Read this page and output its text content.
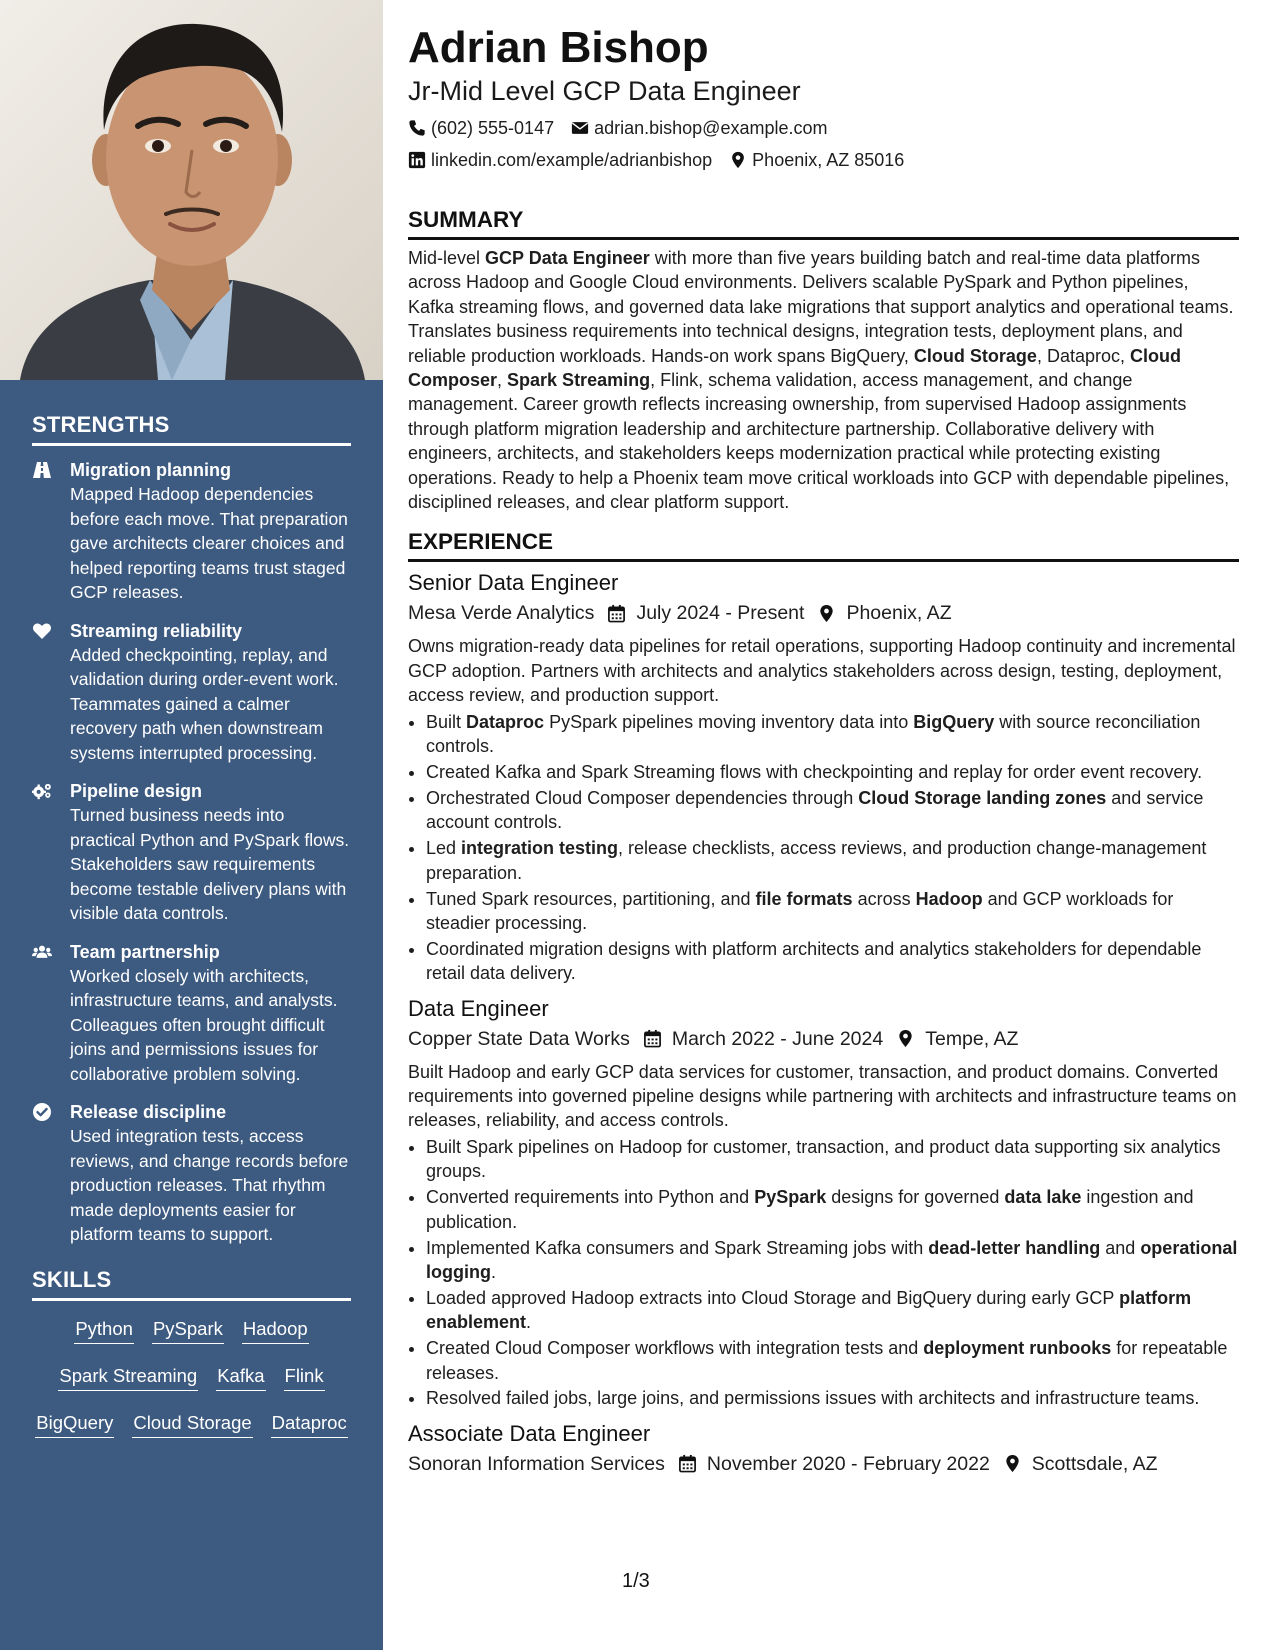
STRENGTHS
Migration planning
Mapped Hadoop dependencies before each move. That preparation gave architects clearer choices and helped reporting teams trust staged GCP releases.
Streaming reliability
Added checkpointing, replay, and validation during order-event work. Teammates gained a calmer recovery path when downstream systems interrupted processing.
Pipeline design
Turned business needs into practical Python and PySpark flows. Stakeholders saw requirements become testable delivery plans with visible data controls.
Team partnership
Worked closely with architects, infrastructure teams, and analysts. Colleagues often brought difficult joins and permissions issues for collaborative problem solving.
Release discipline
Used integration tests, access reviews, and change records before production releases. That rhythm made deployments easier for platform teams to support.
SKILLS
Python PySpark Hadoop
Spark Streaming Kafka Flink
BigQuery Cloud Storage Dataproc
Adrian Bishop
Jr-Mid Level GCP Data Engineer
(602) 555-0147 adrian.bishop@example.com
linkedin.com/example/adrianbishop Phoenix, AZ 85016
SUMMARY
Mid-level GCP Data Engineer with more than five years building batch and real-time data platforms across Hadoop and Google Cloud environments. Delivers scalable PySpark and Python pipelines, Kafka streaming flows, and governed data lake migrations that support analytics and operational teams. Translates business requirements into technical designs, integration tests, deployment plans, and reliable production workloads. Hands-on work spans BigQuery, Cloud Storage, Dataproc, Cloud Composer, Spark Streaming, Flink, schema validation, access management, and change management. Career growth reflects increasing ownership, from supervised Hadoop assignments through platform migration leadership and architecture partnership. Collaborative delivery with engineers, architects, and stakeholders keeps modernization practical while protecting existing operations. Ready to help a Phoenix team move critical workloads into GCP with dependable pipelines, disciplined releases, and clear platform support.
EXPERIENCE
Senior Data Engineer
Mesa Verde Analytics July 2024 - Present Phoenix, AZ
Owns migration-ready data pipelines for retail operations, supporting Hadoop continuity and incremental GCP adoption. Partners with architects and analytics stakeholders across design, testing, deployment, access review, and production support.
• Built Dataproc PySpark pipelines moving inventory data into BigQuery with source reconciliation controls.
• Created Kafka and Spark Streaming flows with checkpointing and replay for order event recovery.
• Orchestrated Cloud Composer dependencies through Cloud Storage landing zones and service account controls.
• Led integration testing, release checklists, access reviews, and production change-management preparation.
• Tuned Spark resources, partitioning, and file formats across Hadoop and GCP workloads for steadier processing.
• Coordinated migration designs with platform architects and analytics stakeholders for dependable retail data delivery.
Data Engineer
Copper State Data Works March 2022 - June 2024 Tempe, AZ
Built Hadoop and early GCP data services for customer, transaction, and product domains. Converted requirements into governed pipeline designs while partnering with architects and infrastructure teams on releases, reliability, and access controls.
• Built Spark pipelines on Hadoop for customer, transaction, and product data supporting six analytics groups.
• Converted requirements into Python and PySpark designs for governed data lake ingestion and publication.
• Implemented Kafka consumers and Spark Streaming jobs with dead-letter handling and operational logging.
• Loaded approved Hadoop extracts into Cloud Storage and BigQuery during early GCP platform enablement.
• Created Cloud Composer workflows with integration tests and deployment runbooks for repeatable releases.
• Resolved failed jobs, large joins, and permissions issues with architects and infrastructure teams.
Associate Data Engineer
Sonoran Information Services November 2020 - February 2022 Scottsdale, AZ
1/3
